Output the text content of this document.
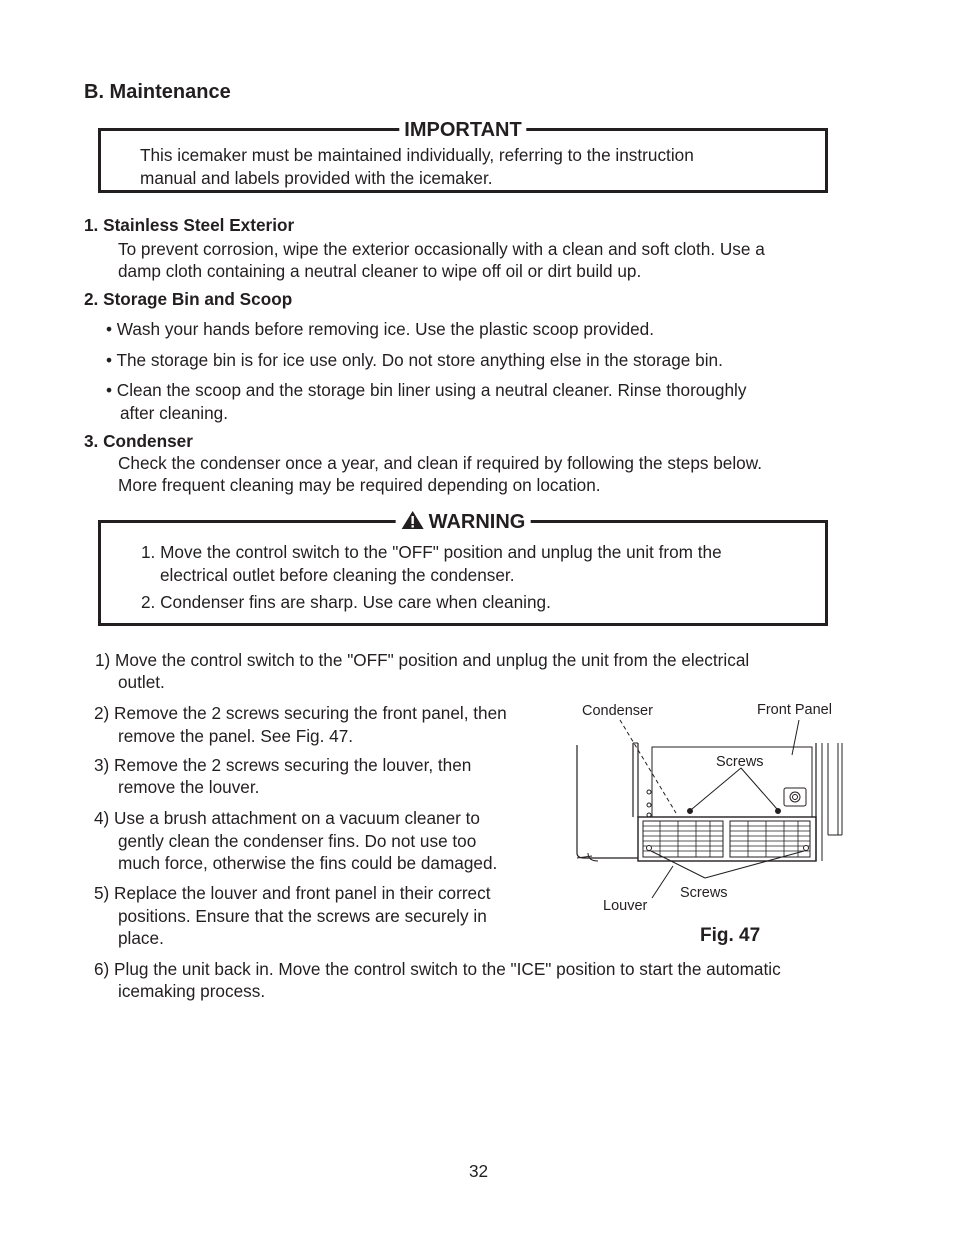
B. Maintenance
IMPORTANT
This icemaker must be maintained individually, referring to the instruction
manual and labels provided with the icemaker.
1. Stainless Steel Exterior
To prevent corrosion, wipe the exterior occasionally with a clean and soft cloth. Use a
damp cloth containing a neutral cleaner to wipe off oil or dirt build up.
2. Storage Bin and Scoop
• Wash your hands before removing ice. Use the plastic scoop provided.
• The storage bin is for ice use only. Do not store anything else in the storage bin.
• Clean the scoop and the storage bin liner using a neutral cleaner. Rinse thoroughly
after cleaning.
3. Condenser
Check the condenser once a year, and clean if required by following the steps below.
More frequent cleaning may be required depending on location.
WARNING
1. Move the control switch to the "OFF" position and unplug the unit from the
electrical outlet before cleaning the condenser.
2. Condenser fins are sharp. Use care when cleaning.
1) Move the control switch to the "OFF" position and unplug the unit from the electrical
outlet.
2) Remove the 2 screws securing the front panel, then
remove the panel. See Fig. 47.
3) Remove the 2 screws securing the louver, then
remove the louver.
4) Use a brush attachment on a vacuum cleaner to
gently clean the condenser fins. Do not use too
much force, otherwise the fins could be damaged.
5) Replace the louver and front panel in their correct
positions. Ensure that the screws are securely in
place.
6) Plug the unit back in. Move the control switch to the "ICE" position to start the automatic
icemaking process.
Condenser	Front Panel
Screws
Screws
Louver
Fig. 47
32
